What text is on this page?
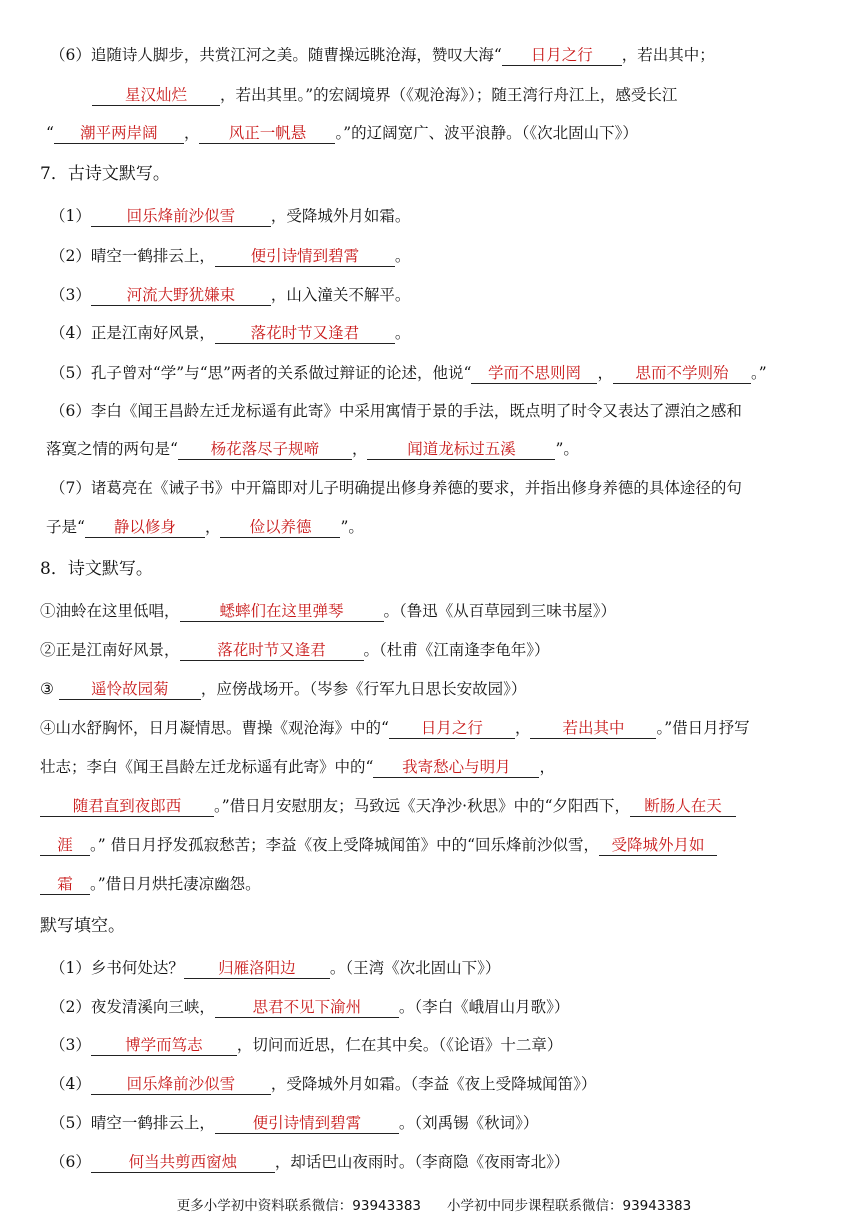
（6）追随诗人脚步，共赏江河之美。随曹操远眺沧海，赞叹大海“ 日月之行 ，若出其中；
星汉灿烂 ，若出其里。”的宏阔境界（《观沧海》）；随王湾行舟江上，感受长江
“ 潮平两岸阔 ， 风正一帆悬 。”的辽阔宽广、波平浪静。（《次北固山下》）
7．古诗文默写。
（1） 回乐烽前沙似雪 ，受降城外月如霜。
（2）晴空一鹤排云上， 便引诗情到碧霄 。
（3） 河流大野犹嫌束 ，山入潼关不解平。
（4）正是江南好风景， 落花时节又逢君 。
（5）孔子曾对“学”与“思”两者的关系做过辩证的论述，他说“ 学而不思则罔 ， 思而不学则殆 。”
（6）李白《闻王昌龄左迁龙标遥有此寄》中采用寓情于景的手法，既点明了时令又表达了漂泊之感和
落寞之情的两句是“ 杨花落尽子规啼 ，	闻道龙标过五溪	”。
（7）诸葛亮在《诫子书》中开篇即对儿子明确提出修身养德的要求，并指出修身养德的具体途径的句
子是“ 静以修身 ， 俭以养德 ”。
8．诗文默写。
①油蛉在这里低唱，	蟋蟀们在这里弹琴	。（鲁迅《从百草园到三味书屋》）
②正是江南好风景， 落花时节又逢君 。（杜甫《江南逢李龟年》）
③ 遥怜故园菊 ，应傍战场开。（岑参《行军九日思长安故园》）
④山水舒胸怀，日月凝情思。曹操《观沧海》中的“ 日月之行 ， 若出其中 。”借日月抒写
壮志；李白《闻王昌龄左迁龙标遥有此寄》中的“ 我寄愁心与明月 ，
随君直到夜郎西 。”借日月安慰朋友；马致远《天净沙·秋思》中的“夕阳西下， 断肠人在天
涯 。” 借日月抒发孤寂愁苦；李益《夜上受降城闻笛》中的“回乐烽前沙似雪， 受降城外月如
霜 。”借日月烘托凄凉幽怨。
默写填空。
（1）乡书何处达？ 归雁洛阳边 。（王湾《次北固山下》）
（2）夜发清溪向三峡， 思君不见下渝州 。（李白《峨眉山月歌》）
（3） 博学而笃志 ，切问而近思，仁在其中矣。（《论语》十二章）
（4） 回乐烽前沙似雪 ，受降城外月如霜。（李益《夜上受降城闻笛》）
（5）晴空一鹤排云上， 便引诗情到碧霄 。（刘禹锡《秋词》）
（6） 何当共剪西窗烛 ，却话巴山夜雨时。（李商隐《夜雨寄北》）
更多小学初中资料联系微信：93943383 小学初中同步课程联系微信：93943383
